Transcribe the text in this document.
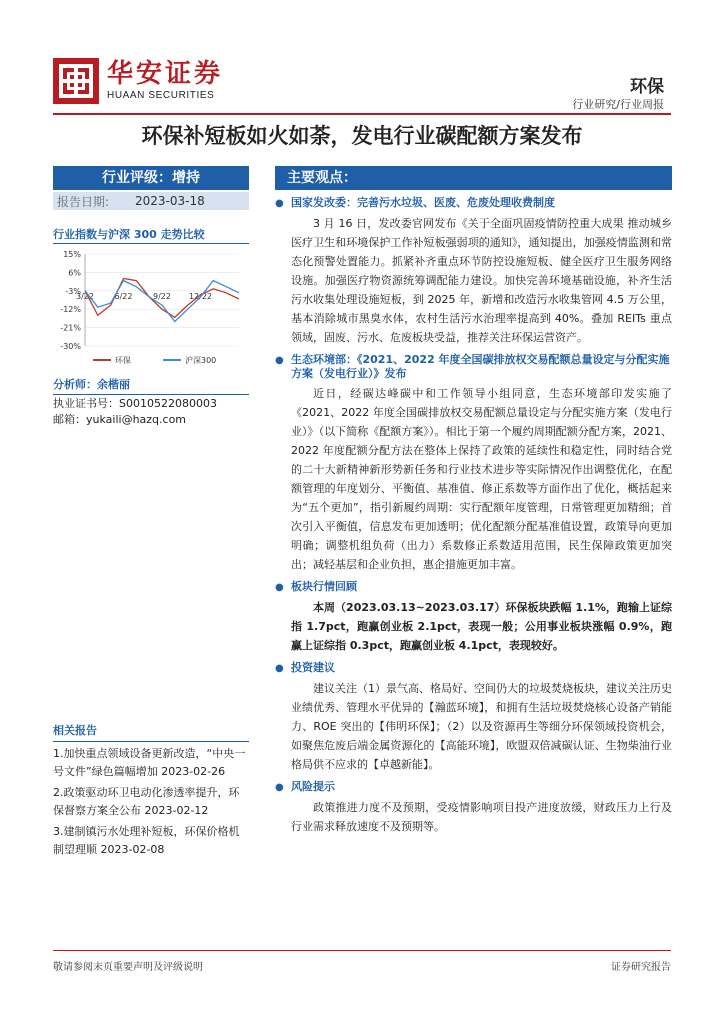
华安证券
HUAAN SECURITIES	环保
行业研究/行业周报
环保补短板如火如荼，发电行业碳配额方案发布
行业评级：增持
报告日期:	2023-03-18
行业指数与沪深 300 走势比较
15%
6%
-3%
-12%
-21%
-30%
3/22	6/22	9/22 12/22
环保	沪深300
分析师：余楷丽
执业证书号：S0010522080003
邮箱：yukaili@hazq.com
相关报告
1.加快重点领域设备更新改造，“中央一号文件”绿色篇幅增加 2023-02-26
2.政策驱动环卫电动化渗透率提升，环保督察方案全公布 2023-02-12
3.建制镇污水处理补短板，环保价格机制望理顺 2023-02-08
主要观点：
● 国家发改委：完善污水垃圾、医废、危废处理收费制度
3 月 16 日，发改委官网发布《关于全面巩固疫情防控重大成果 推动城乡医疗卫生和环境保护工作补短板强弱项的通知》，通知提出，加强疫情监测和常态化预警处置能力。抓紧补齐重点环节防控设施短板、健全医疗卫生服务网络设施。加强医疗物资源统筹调配能力建设。加快完善环境基础设施，补齐生活污水收集处理设施短板，到 2025 年，新增和改造污水收集管网 4.5 万公里，基本消除城市黑臭水体，农村生活污水治理率提高到 40%。叠加 REITs 重点领域，固废、污水、危废板块受益，推荐关注环保运营资产。
● 生态环境部：《2021、2022 年度全国碳排放权交易配额总量设定与分配实施方案（发电行业）》发布
近日，经碳达峰碳中和工作领导小组同意，生态环境部印发实施了《2021、2022 年度全国碳排放权交易配额总量设定与分配实施方案（发电行业）》（以下简称《配额方案》）。相比于第一个履约周期配额分配方案，2021、2022 年度配额分配方法在整体上保持了政策的延续性和稳定性，同时结合党的二十大新精神新形势新任务和行业技术进步等实际情况作出调整优化，在配额管理的年度划分、平衡值、基准值、修正系数等方面作出了优化，概括起来为“五个更加”，指引新履约周期：实行配额年度管理，日常管理更加精细；首次引入平衡值，信息发布更加透明；优化配额分配基准值设置，政策导向更加明确；调整机组负荷（出力）系数修正系数适用范围，民生保障政策更加突出；减轻基层和企业负担，惠企措施更加丰富。
● 板块行情回顾
本周（2023.03.13~2023.03.17）环保板块跌幅 1.1%，跑输上证综指 1.7pct，跑赢创业板 2.1pct，表现一般；公用事业板块涨幅 0.9%，跑赢上证综指 0.3pct，跑赢创业板 4.1pct，表现较好。
● 投资建议
建议关注（1）景气高、格局好、空间仍大的垃圾焚烧板块，建议关注历史业绩优秀、管理水平优异的【瀚蓝环境】，和拥有生活垃圾焚烧核心设备产销能力、ROE 突出的【伟明环保】；（2）以及资源再生等细分环保领域投资机会，如聚焦危废后端金属资源化的【高能环境】，欧盟双倍减碳认证、生物柴油行业格局供不应求的【卓越新能】。
● 风险提示
政策推进力度不及预期，受疫情影响项目投产进度放缓，财政压力上行及行业需求释放速度不及预期等。
敬请参阅末页重要声明及评级说明	证券研究报告
